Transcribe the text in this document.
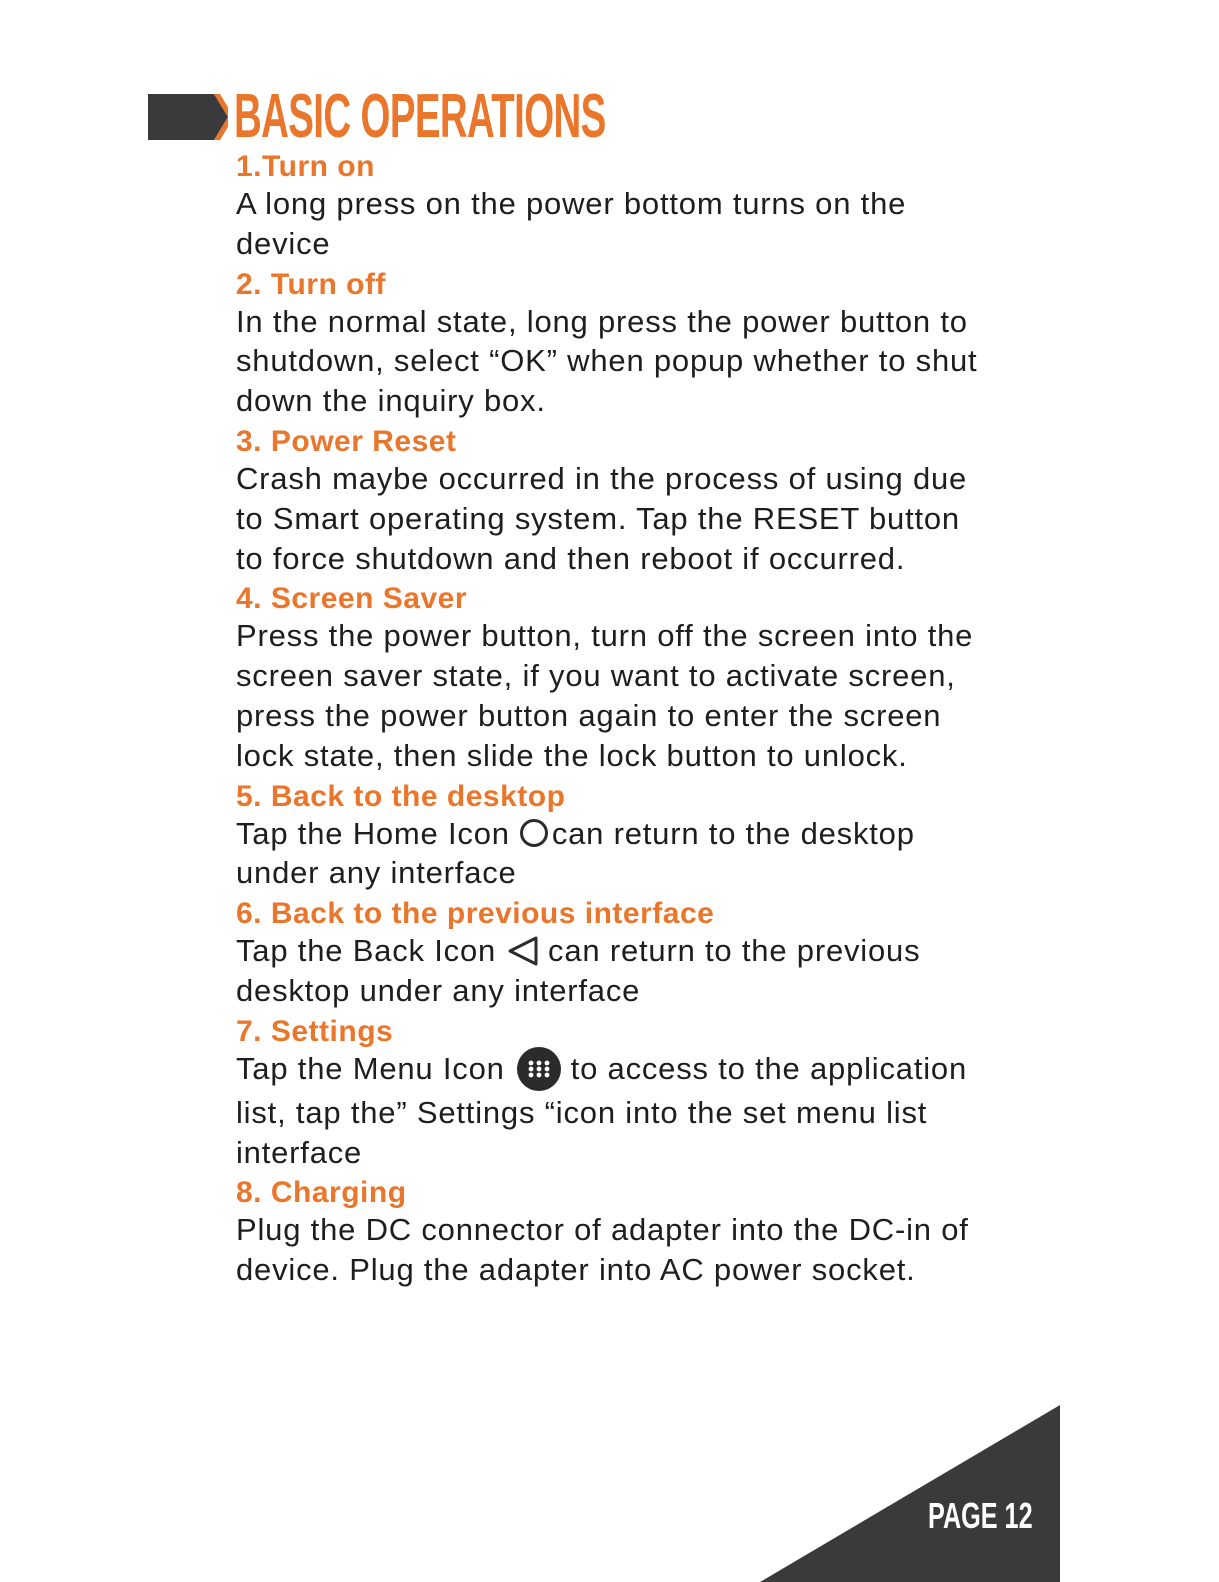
BASIC OPERATIONS

1.Turn on

A long press on the power bottom turns on the device

2. Turn off

In the normal state, long press the power button to shutdown, select “OK” when popup whether to shut down the inquiry box.

3. Power Reset

Crash maybe occurred in the process of using due to Smart operating system. Tap the RESET button to force shutdown and then reboot if occurred.

4. Screen Saver

Press the power button, turn off the screen into the screen saver state, if you want to activate screen, press the power button again to enter the screen lock state, then slide the lock button to unlock.

5. Back to the desktop

Tap the Home Icon can return to the desktop under any interface

6. Back to the previous interface

Tap the Back Icon can return to the previous desktop under any interface

7. Settings

Tap the Menu Icon to access to the application list, tap the” Settings “icon into the set menu list interface

8. Charging

Plug the DC connector of adapter into the DC-in of device. Plug the adapter into AC power socket.

PAGE 12
